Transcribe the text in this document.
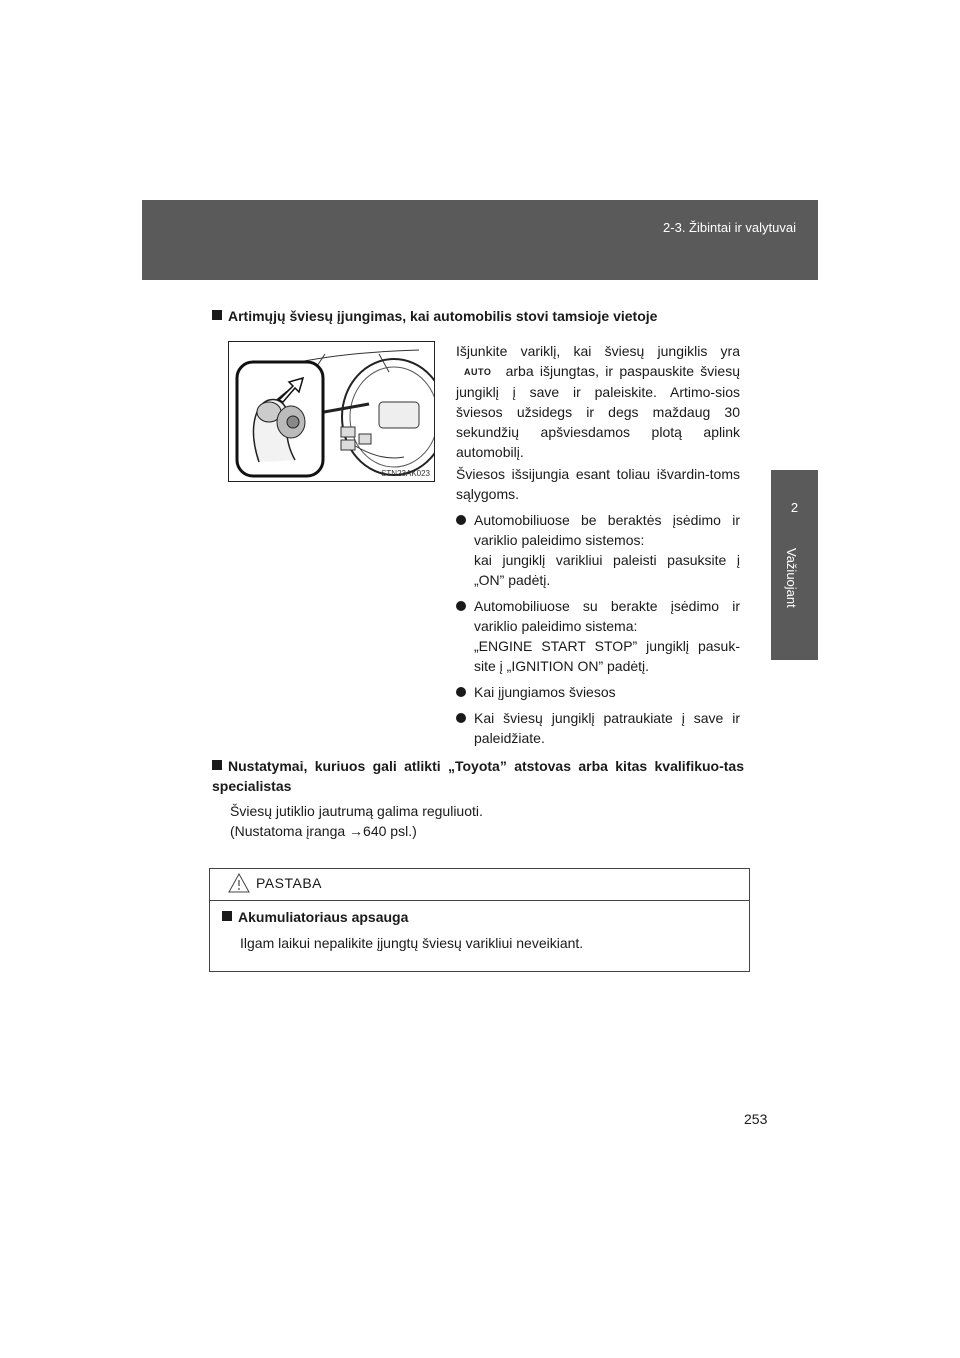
2-3. Žibintai ir valytuvai
2
Važiuojant
Artimųjų šviesų įjungimas, kai automobilis stovi tamsioje vietoje
STN23AK023

Išjunkite variklį, kai šviesų jungiklis yra AUTO arba išjungtas, ir paspauskite šviesų jungiklį į save ir paleiskite. Artimo-sios šviesos užsidegs ir degs maždaug 30 sekundžių apšviesdamos plotą aplink automobilį.

Šviesos išsijungia esant toliau išvardin-toms sąlygoms.

Automobiliuose be beraktės įsėdimo ir variklio paleidimo sistemos:
kai jungiklį varikliui paleisti pasuksite į „ON” padėtį.
Automobiliuose su berakte įsėdimo ir variklio paleidimo sistema:
„ENGINE START STOP” jungiklį pasuk-site į „IGNITION ON” padėtį.
Kai įjungiamos šviesos
Kai šviesų jungiklį patraukiate į save ir paleidžiate.
Nustatymai, kuriuos gali atlikti „Toyota” atstovas arba kitas kvalifikuo-tas specialistas
Šviesų jutiklio jautrumą galima reguliuoti.
(Nustatoma įranga →640 psl.)
PASTABA
Akumuliatoriaus apsauga
Ilgam laikui nepalikite įjungtų šviesų varikliui neveikiant.
253
